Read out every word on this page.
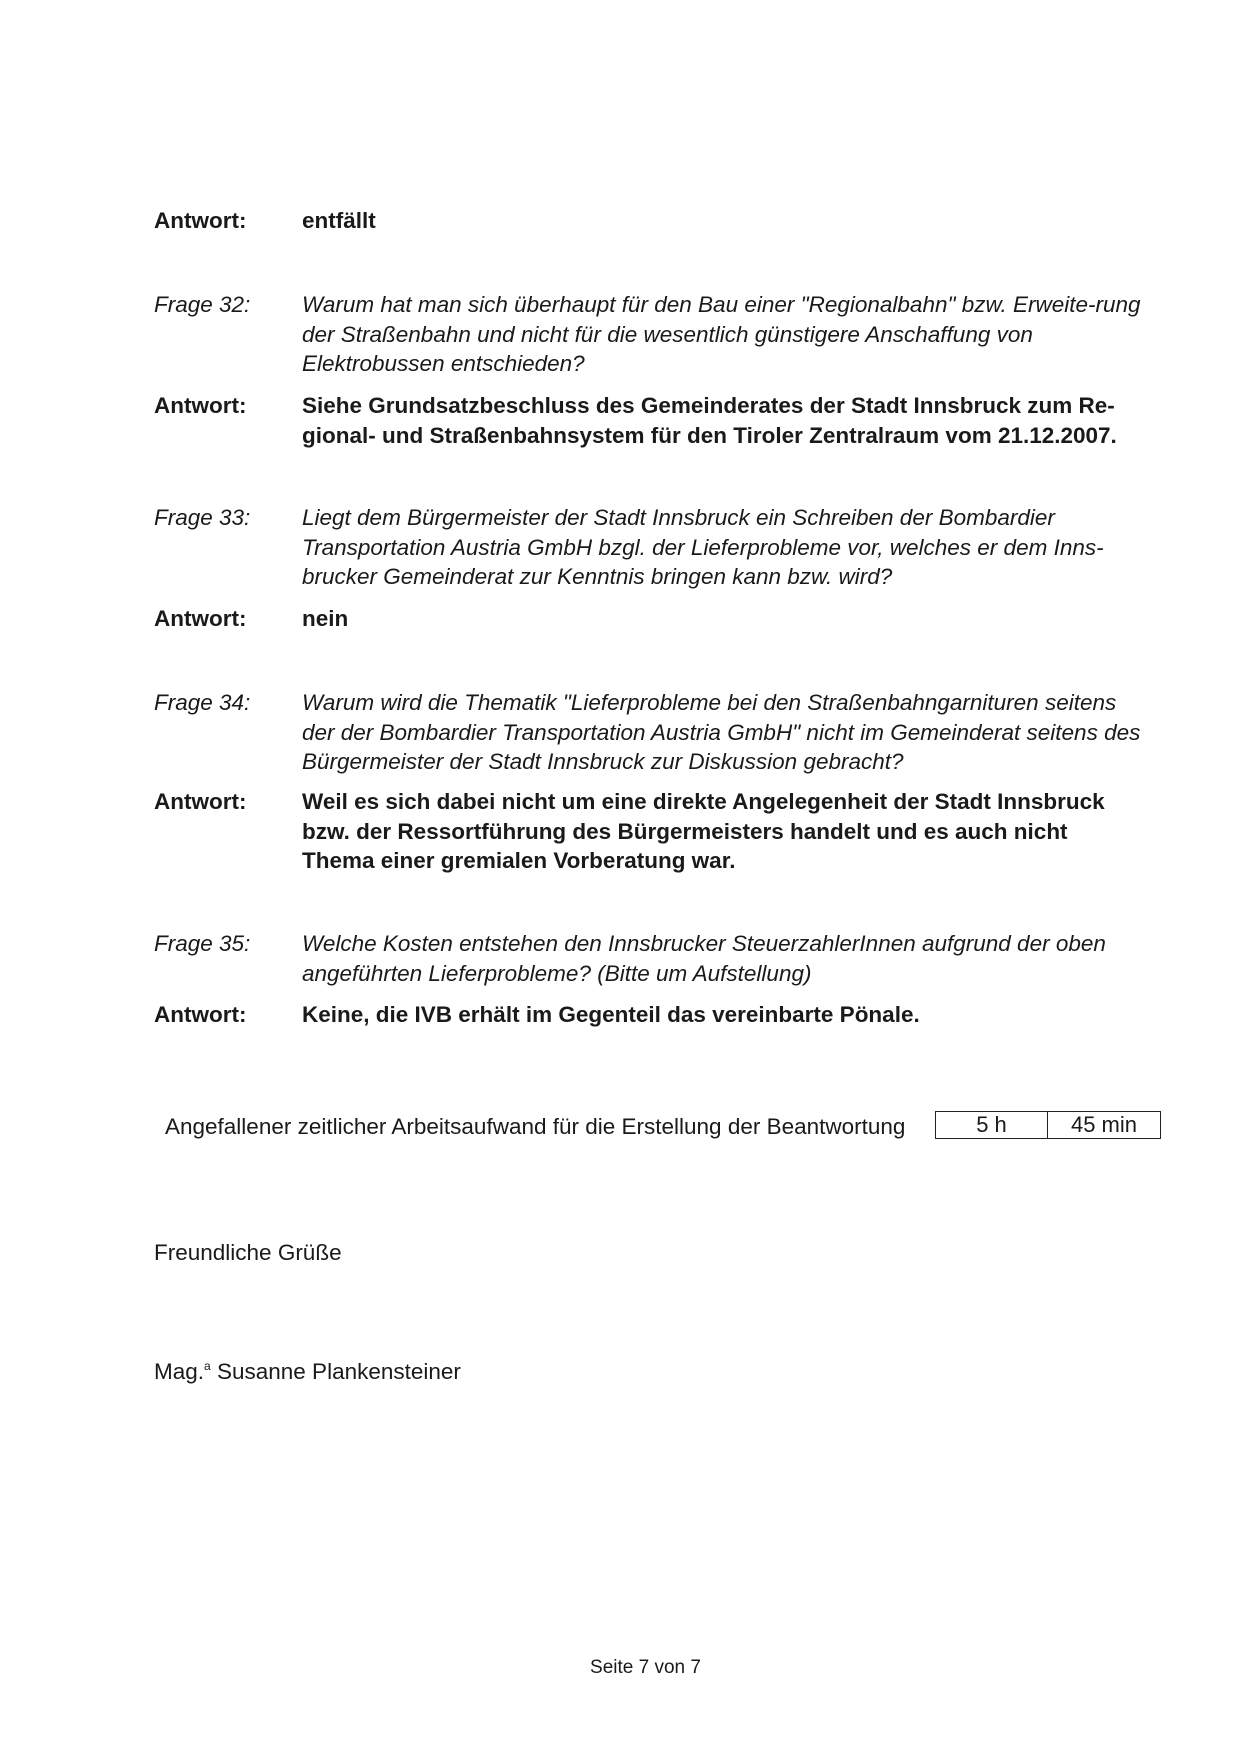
Antwort:	entfällt
Frage 32:	Warum hat man sich überhaupt für den Bau einer "Regionalbahn" bzw. Erweite-rung der Straßenbahn und nicht für die wesentlich günstigere Anschaffung von Elektrobussen entschieden?
Antwort:	Siehe Grundsatzbeschluss des Gemeinderates der Stadt Innsbruck zum Re-gional- und Straßenbahnsystem für den Tiroler Zentralraum vom 21.12.2007.
Frage 33:	Liegt dem Bürgermeister der Stadt Innsbruck ein Schreiben der Bombardier Transportation Austria GmbH bzgl. der Lieferprobleme vor, welches er dem Inns-brucker Gemeinderat zur Kenntnis bringen kann bzw. wird?
Antwort:	nein
Frage 34:	Warum wird die Thematik "Lieferprobleme bei den Straßenbahngarnituren seitens der der Bombardier Transportation Austria GmbH" nicht im Gemeinderat seitens des Bürgermeister der Stadt Innsbruck zur Diskussion gebracht?
Antwort:	Weil es sich dabei nicht um eine direkte Angelegenheit der Stadt Innsbruck bzw. der Ressortführung des Bürgermeisters handelt und es auch nicht Thema einer gremialen Vorberatung war.
Frage 35:	Welche Kosten entstehen den Innsbrucker SteuerzahlerInnen aufgrund der oben angeführten Lieferprobleme? (Bitte um Aufstellung)
Antwort:	Keine, die IVB erhält im Gegenteil das vereinbarte Pönale.
Angefallener zeitlicher Arbeitsaufwand für die Erstellung der Beantwortung	5 h	45 min
Freundliche Grüße
Mag.$^a$ Susanne Plankensteiner
Seite 7 von 7
